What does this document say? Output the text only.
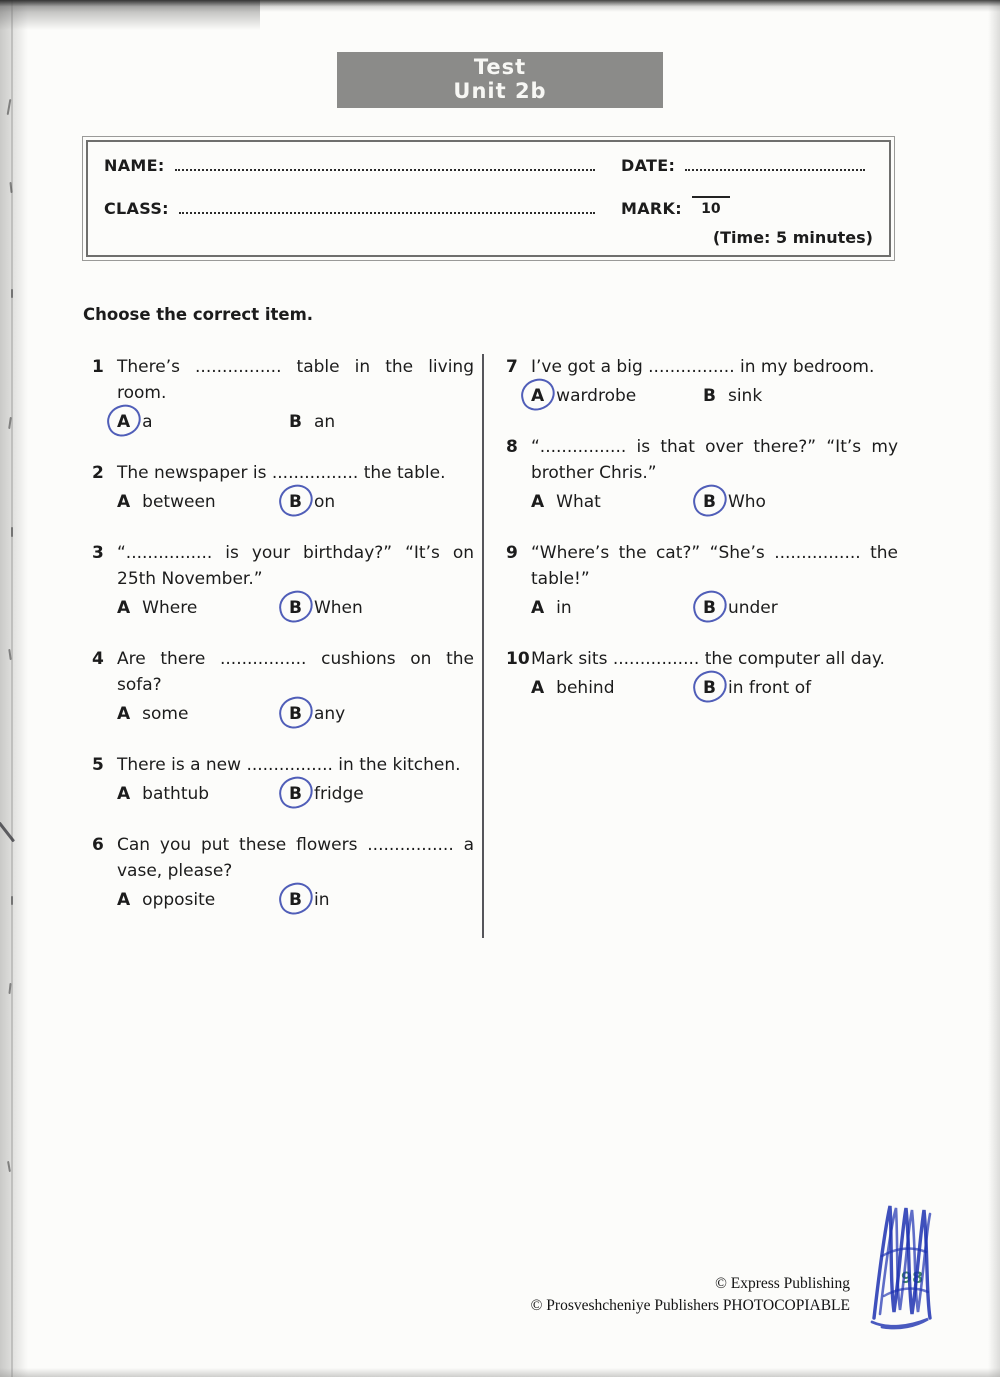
Test
Unit 2b
NAME:	DATE:
CLASS:	MARK:	10
(Time: 5 minutes)
Choose the correct item.
1 There’s ................ table in the living room.
A a	B an
2 The newspaper is ................ the table.
A between	B on
3 “................ is your birthday?” “It’s on 25th November.”
A Where	B When
4 Are there ................ cushions on the sofa?
A some	B any
5 There is a new ................ in the kitchen.
A bathtub	B fridge
6 Can you put these flowers ................ a vase, please?
A opposite	B in
7 I’ve got a big ................ in my bedroom.
A wardrobe	B sink
8 “................ is that over there?” “It’s my brother Chris.”
A What	B Who
9 “Where’s the cat?” “She’s ................ the table!”
A in	B under
10 Mark sits ................ the computer all day.
A behind	B in front of
© Express Publishing
© Prosveshcheniye Publishers PHOTOCOPIABLE
98
